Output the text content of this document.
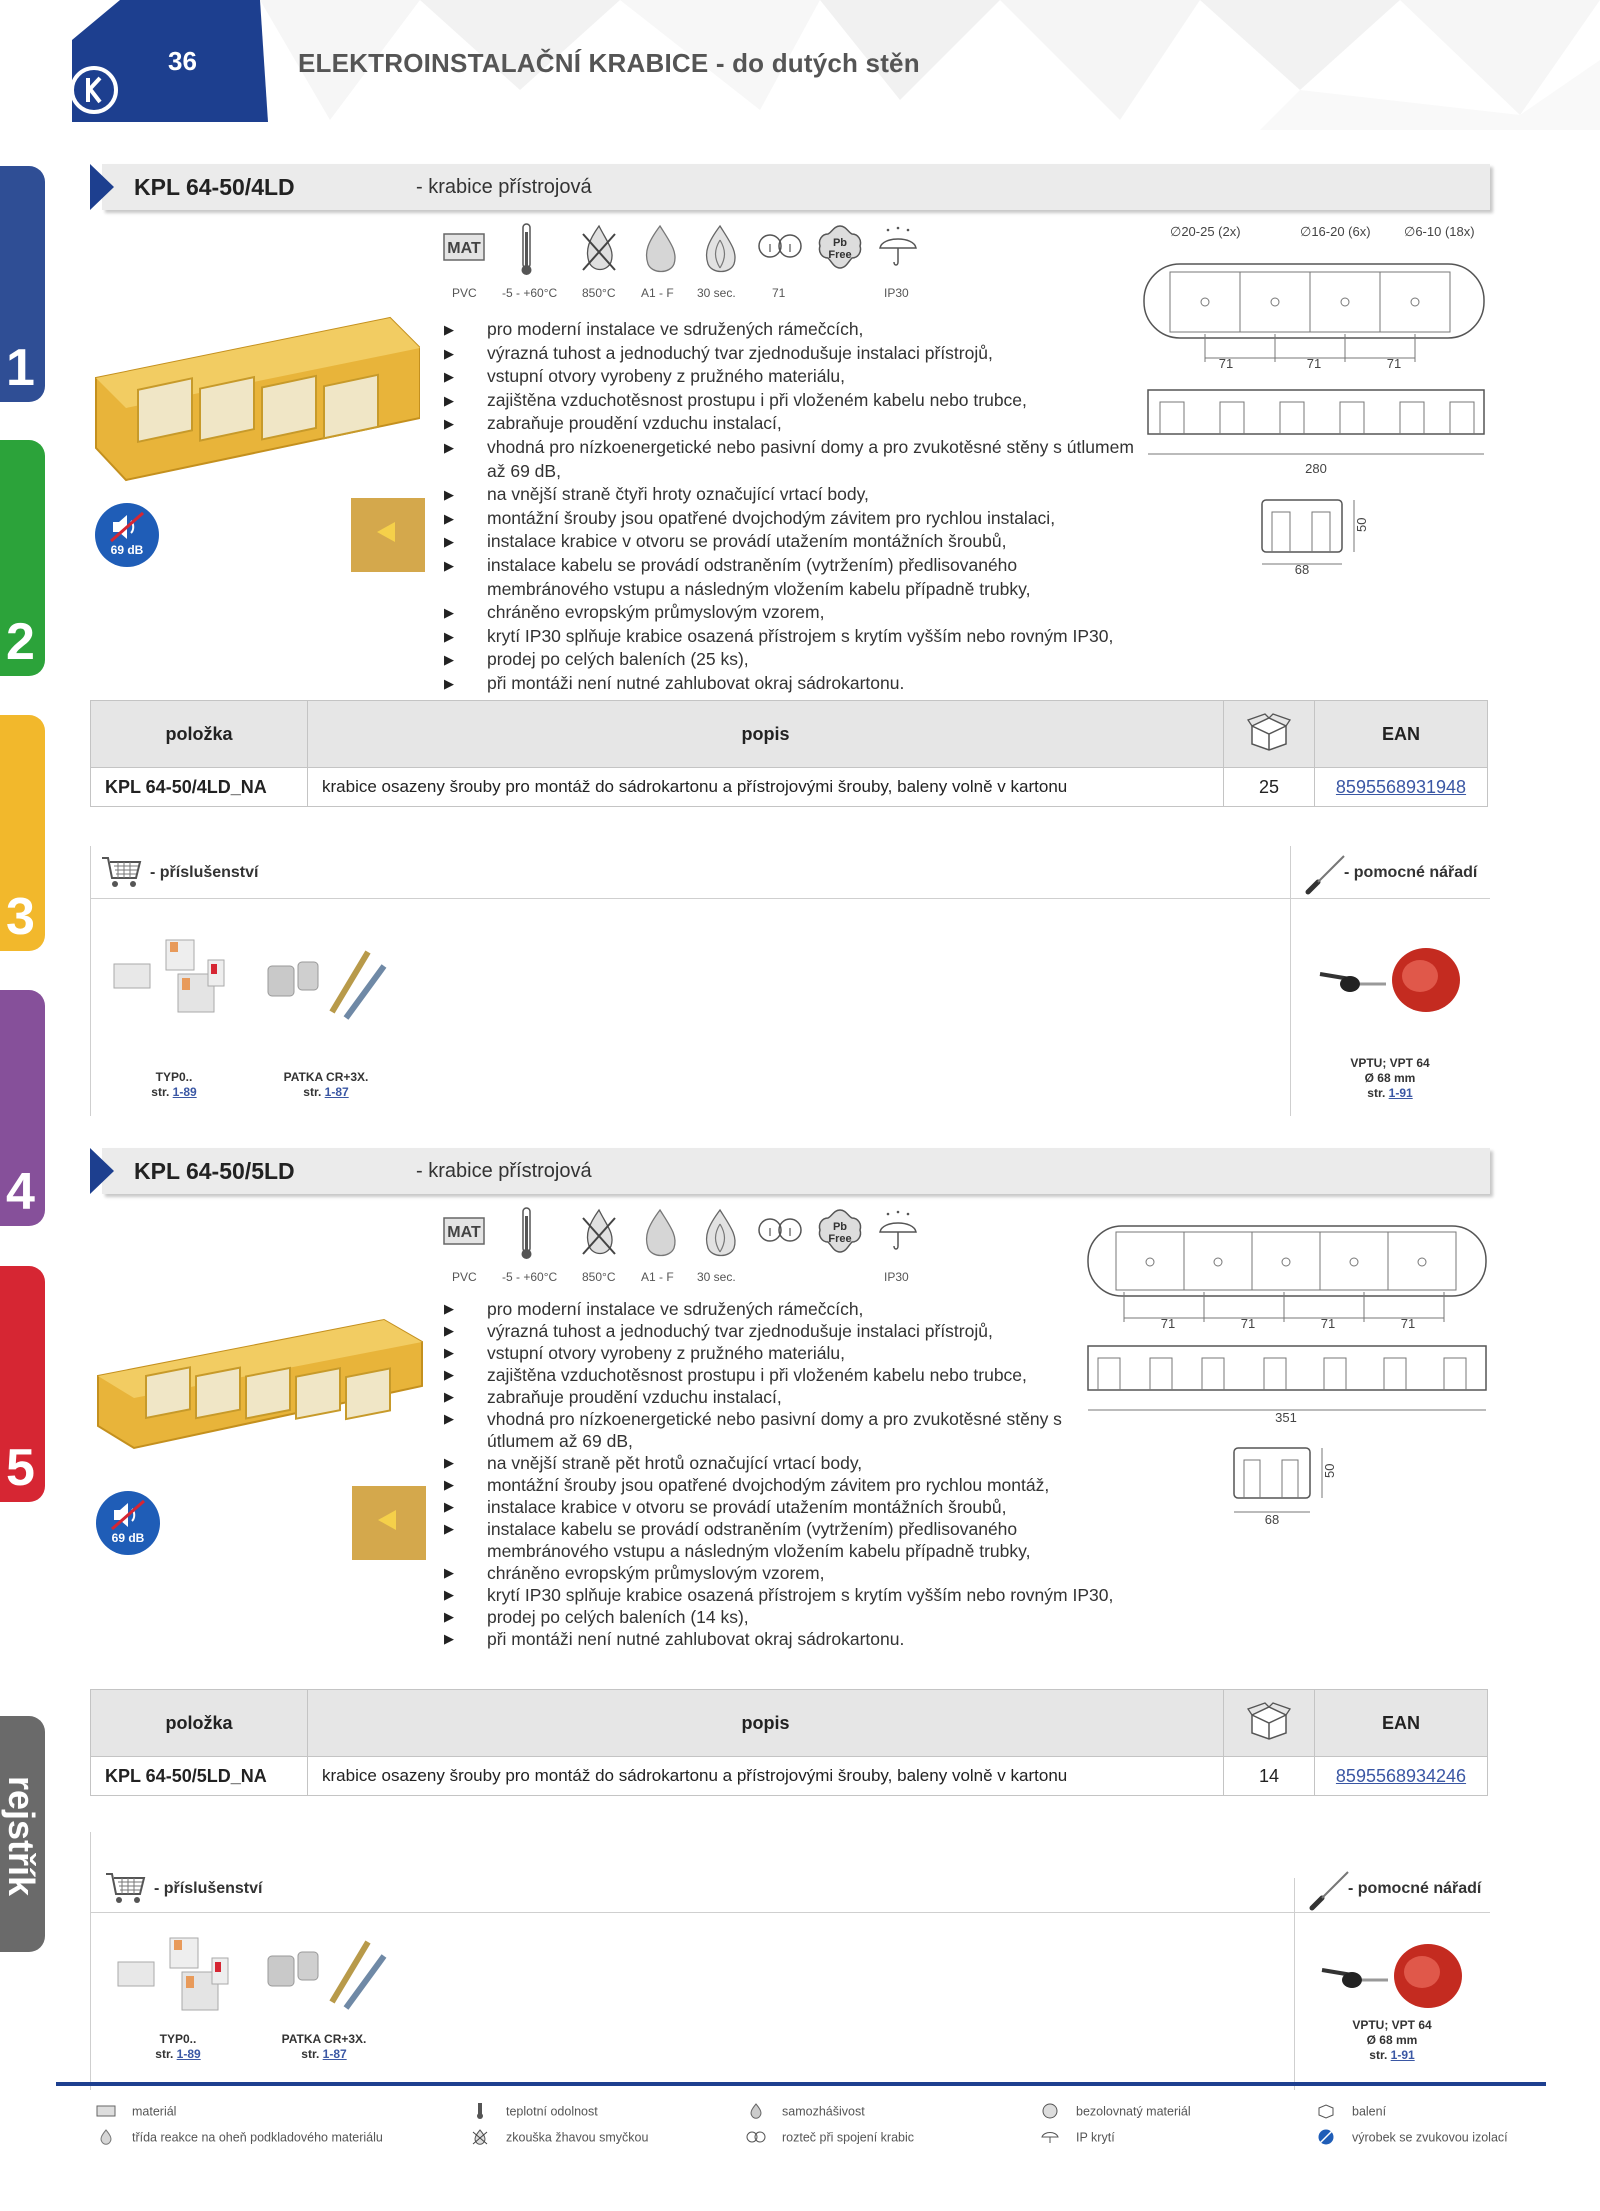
36	ELEKTROINSTALAČNÍ KRABICE - do dutých stěn
1
2
3
4
5
rejstřík
KPL 64-50/4LD	- krabice přístrojová
MAT	Pb
Free
PVC -5 - +60°C 850°C A1 - F 30 sec.	71	IP30
69 dB
▶ pro moderní instalace ve sdružených rámečcích,
▶ výrazná tuhost a jednoduchý tvar zjednodušuje instalaci přístrojů,
▶ vstupní otvory vyrobeny z pružného materiálu,
▶ zajištěna vzduchotěsnost prostupu i při vloženém kabelu nebo trubce,
▶ zabraňuje proudění vzduchu instalací,
▶ vhodná pro nízkoenergetické nebo pasivní domy a pro zvukotěsné stěny s útlumem až 69 dB,
▶ na vnější straně čtyři hroty označující vrtací body,
▶ montážní šrouby jsou opatřené dvojchodým závitem pro rychlou instalaci,
▶ instalace krabice v otvoru se provádí utažením montážních šroubů,
▶ instalace kabelu se provádí odstraněním (vytržením) předlisovaného membránového vstupu a následným vložením kabelu případně trubky,
▶ chráněno evropským průmyslovým vzorem,
▶ krytí IP30 splňuje krabice osazená přístrojem s krytím vyšším nebo rovným IP30,
▶ prodej po celých baleních (25 ks),
▶ při montáži není nutné zahlubovat okraj sádrokartonu.
∅20-25 (2x)	∅16-20 (6x)	∅6-10 (18x)
71	71	71
280
50
68
položka	popis		EAN
KPL 64-50/4LD_NA	krabice osazeny šrouby pro montáž do sádrokartonu a přístrojovými šrouby, baleny volně v kartonu	25	8595568931948
- příslušenství	- pomocné nářadí
TYP0..
str. 1-89
PATKA CR+3X.
str. 1-87
VPTU; VPT 64
Ø 68 mm
str. 1-91
KPL 64-50/5LD	- krabice přístrojová
MAT	Pb
Free
PVC -5 - +60°C 850°C A1 - F 30 sec.	IP30
69 dB
▶ pro moderní instalace ve sdružených rámečcích,
▶ výrazná tuhost a jednoduchý tvar zjednodušuje instalaci přístrojů,
▶ vstupní otvory vyrobeny z pružného materiálu,
▶ zajištěna vzduchotěsnost prostupu i při vloženém kabelu nebo trubce,
▶ zabraňuje proudění vzduchu instalací,
▶ vhodná pro nízkoenergetické nebo pasivní domy a pro zvukotěsné stěny s útlumem až 69 dB,
▶ na vnější straně pět hrotů označující vrtací body,
▶ montážní šrouby jsou opatřené dvojchodým závitem pro rychlou montáž,
▶ instalace krabice v otvoru se provádí utažením montážních šroubů,
▶ instalace kabelu se provádí odstraněním (vytržením) předlisovaného membránového vstupu a následným vložením kabelu případně trubky,
▶ chráněno evropským průmyslovým vzorem,
▶ krytí IP30 splňuje krabice osazená přístrojem s krytím vyšším nebo rovným IP30,
▶ prodej po celých baleních (14 ks),
▶ při montáži není nutné zahlubovat okraj sádrokartonu.
71	71	71	71
351
50
68
položka	popis		EAN
KPL 64-50/5LD_NA	krabice osazeny šrouby pro montáž do sádrokartonu a přístrojovými šrouby, baleny volně v kartonu	14	8595568934246
- příslušenství	- pomocné nářadí
TYP0..
str. 1-89
PATKA CR+3X.
str. 1-87
VPTU; VPT 64
Ø 68 mm
str. 1-91
materiál	teplotní odolnost	samozhášivost	bezolovnatý materiál	balení
třída reakce na oheň podkladového materiálu	zkouška žhavou smyčkou	rozteč při spojení krabic	IP krytí	výrobek se zvukovou izolací
